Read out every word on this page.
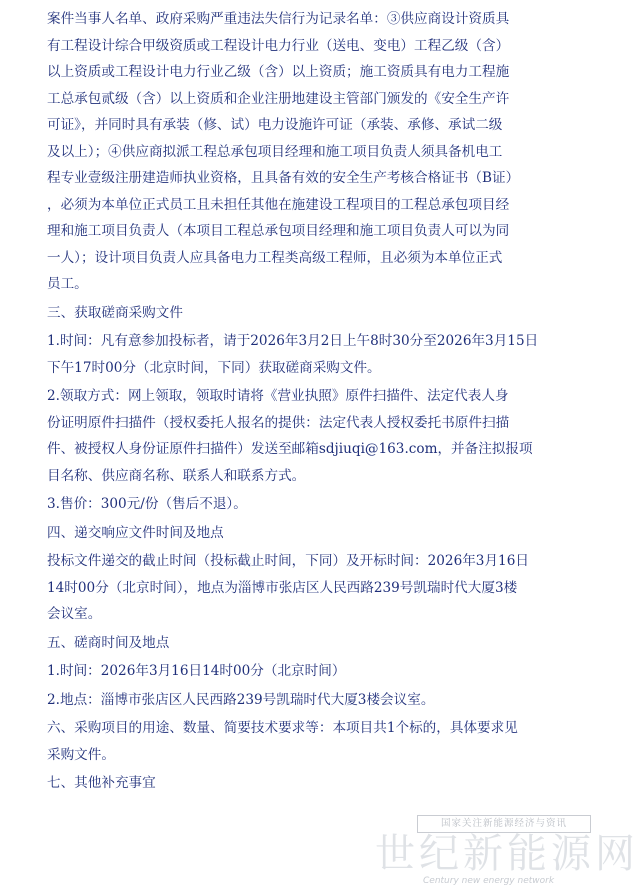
案件当事人名单、政府采购严重违法失信行为记录名单：③供应商设计资质具

有工程设计综合甲级资质或工程设计电力行业（送电、变电）工程乙级（含）

以上资质或工程设计电力行业乙级（含）以上资质；施工资质具有电力工程施

工总承包贰级（含）以上资质和企业注册地建设主管部门颁发的《安全生产许

可证》，并同时具有承装（修、试）电力设施许可证（承装、承修、承试二级

及以上）；④供应商拟派工程总承包项目经理和施工项目负责人须具备机电工

程专业壹级注册建造师执业资格，且具备有效的安全生产考核合格证书（B证）

，必须为本单位正式员工且未担任其他在施建设工程项目的工程总承包项目经

理和施工项目负责人（本项目工程总承包项目经理和施工项目负责人可以为同

一人）；设计项目负责人应具备电力工程类高级工程师，且必须为本单位正式

员工。

三、获取磋商采购文件

1.时间：凡有意参加投标者，请于2026年3月2日上午8时30分至2026年3月15日

下午17时00分（北京时间，下同）获取磋商采购文件。

2.领取方式：网上领取，领取时请将《营业执照》原件扫描件、法定代表人身

份证明原件扫描件（授权委托人报名的提供：法定代表人授权委托书原件扫描

件、被授权人身份证原件扫描件）发送至邮箱sdjiuqi@163.com，并备注拟报项

目名称、供应商名称、联系人和联系方式。

3.售价：300元/份（售后不退）。

四、递交响应文件时间及地点

投标文件递交的截止时间（投标截止时间，下同）及开标时间：2026年3月16日

14时00分（北京时间），地点为淄博市张店区人民西路239号凯瑞时代大厦3楼

会议室。

五、磋商时间及地点

1.时间：2026年3月16日14时00分（北京时间）

2.地点：淄博市张店区人民西路239号凯瑞时代大厦3楼会议室。

六、采购项目的用途、数量、简要技术要求等：本项目共1个标的，具体要求见

采购文件。

七、其他补充事宜

国家关注新能源经济与资讯
世纪新能源网
Century new energy network
